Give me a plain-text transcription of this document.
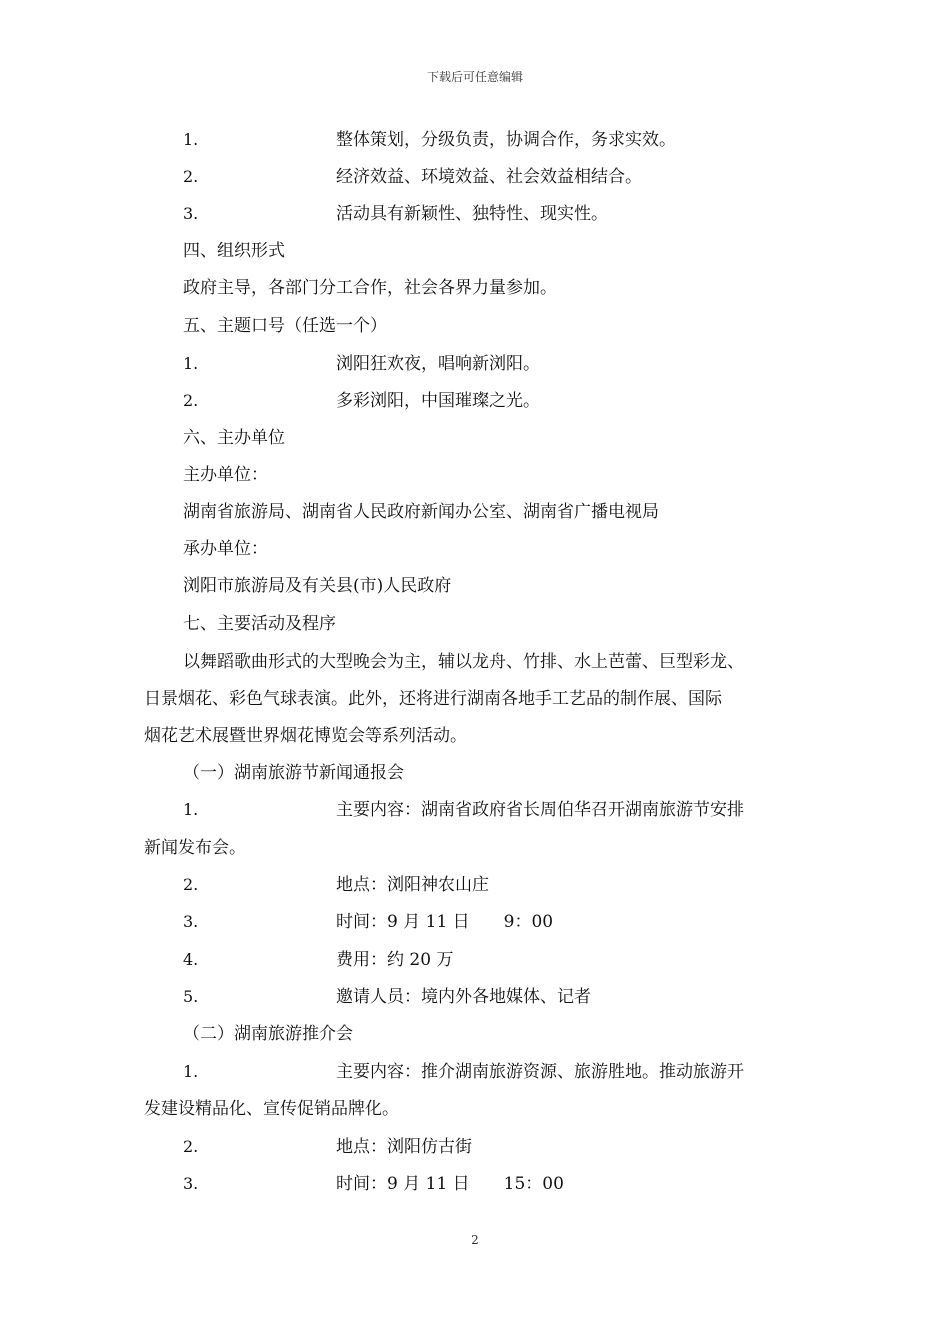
下载后可任意编辑
1.	整体策划，分级负责，协调合作，务求实效。
2.	经济效益、环境效益、社会效益相结合。
3.	活动具有新颖性、独特性、现实性。
四、组织形式
政府主导，各部门分工合作，社会各界力量参加。
五、主题口号（任选一个）
1.	浏阳狂欢夜，唱响新浏阳。
2.	多彩浏阳，中国璀璨之光。
六、主办单位
主办单位：
湖南省旅游局、湖南省人民政府新闻办公室、湖南省广播电视局
承办单位：
浏阳市旅游局及有关县(市)人民政府
七、主要活动及程序
以舞蹈歌曲形式的大型晚会为主，辅以龙舟、竹排、水上芭蕾、巨型彩龙、
日景烟花、彩色气球表演。此外，还将进行湖南各地手工艺品的制作展、国际
烟花艺术展暨世界烟花博览会等系列活动。
（一）湖南旅游节新闻通报会
1.	主要内容：湖南省政府省长周伯华召开湖南旅游节安排
新闻发布会。
2.	地点：浏阳神农山庄
3.	时间：9 月 11 日　　9：00
4.	费用：约 20 万
5.	邀请人员：境内外各地媒体、记者
（二）湖南旅游推介会
1.	主要内容：推介湖南旅游资源、旅游胜地。推动旅游开
发建设精品化、宣传促销品牌化。
2.	地点：浏阳仿古街
3.	时间：9 月 11 日　　15：00
2
